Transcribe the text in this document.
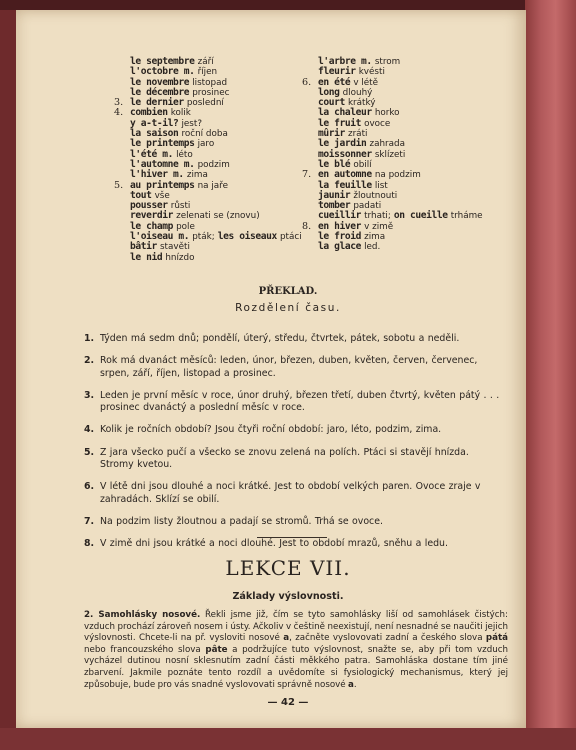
le septembre září
l'octobre m. říjen
le novembre listopad
le décembre prosinec
3. le dernier poslední
4. combien kolik
y a-t-il? jest?
la saison roční doba
le printemps jaro
l'été m. léto
l'automne m. podzim
l'hiver m. zima
5. au printemps na jaře
tout vše
pousser růsti
reverdir zelenati se (znovu)
le champ pole
l'oiseau m. pták; les oiseaux ptáci
bâtir stavěti
le nid hnízdo
l'arbre m. strom
fleurir kvésti
6. en été v létě
long dlouhý
court krátký
la chaleur horko
le fruit ovoce
mûrir zráti
le jardin zahrada
moissonner sklízeti
le blé obilí
7. en automne na podzim
la feuille list
jaunir žloutnouti
tomber padati
cueillir trhati; on cueille trháme
8. en hiver v zimě
le froid zima
la glace led.
PŘEKLAD.
Rozdělení času.
1. Týden má sedm dnů; pondělí, úterý, středu, čtvrtek, pátek, sobotu a neděli.
2. Rok má dvanáct měsíců: leden, únor, březen, duben, květen, červen, červenec, srpen, září, říjen, listopad a prosinec.
3. Leden je první měsíc v roce, únor druhý, březen třetí, duben čtvrtý, květen pátý . . . prosinec dvanáctý a poslední měsíc v roce.
4. Kolik je ročních období? Jsou čtyři roční období: jaro, léto, podzim, zima.
5. Z jara všecko pučí a všecko se znovu zelená na polích. Ptáci si stavějí hnízda. Stromy kvetou.
6. V létě dni jsou dlouhé a noci krátké. Jest to období velkých paren. Ovoce zraje v zahradách. Sklízí se obilí.
7. Na podzim listy žloutnou a padají se stromů. Trhá se ovoce.
8. V zimě dni jsou krátké a noci dlouhé. Jest to období mrazů, sněhu a ledu.
LEKCE VII.
Základy výslovnosti.
2. Samohlásky nosové. Řekli jsme již, čím se tyto samohlásky liší od samohlásek čistých: vzduch prochází zároveň nosem i ústy. Ačkoliv v češtině neexistují, není nesnadné se naučiti jejich výslovnosti. Chcete-li na př. vysloviti nosové a, začněte vyslovovati zadní a českého slova pátá nebo francouzského slova pâte a podržujíce tuto výslovnost, snažte se, aby při tom vzduch vycházel dutinou nosní sklesnutím zadní části měkkého patra. Samohláska dostane tím jiné zbarvení. Jakmile poznáte tento rozdíl a uvědomíte si fysiologický mechanismus, který jej způsobuje, bude pro vás snadné vyslovovati správně nosové a.
— 42 —
